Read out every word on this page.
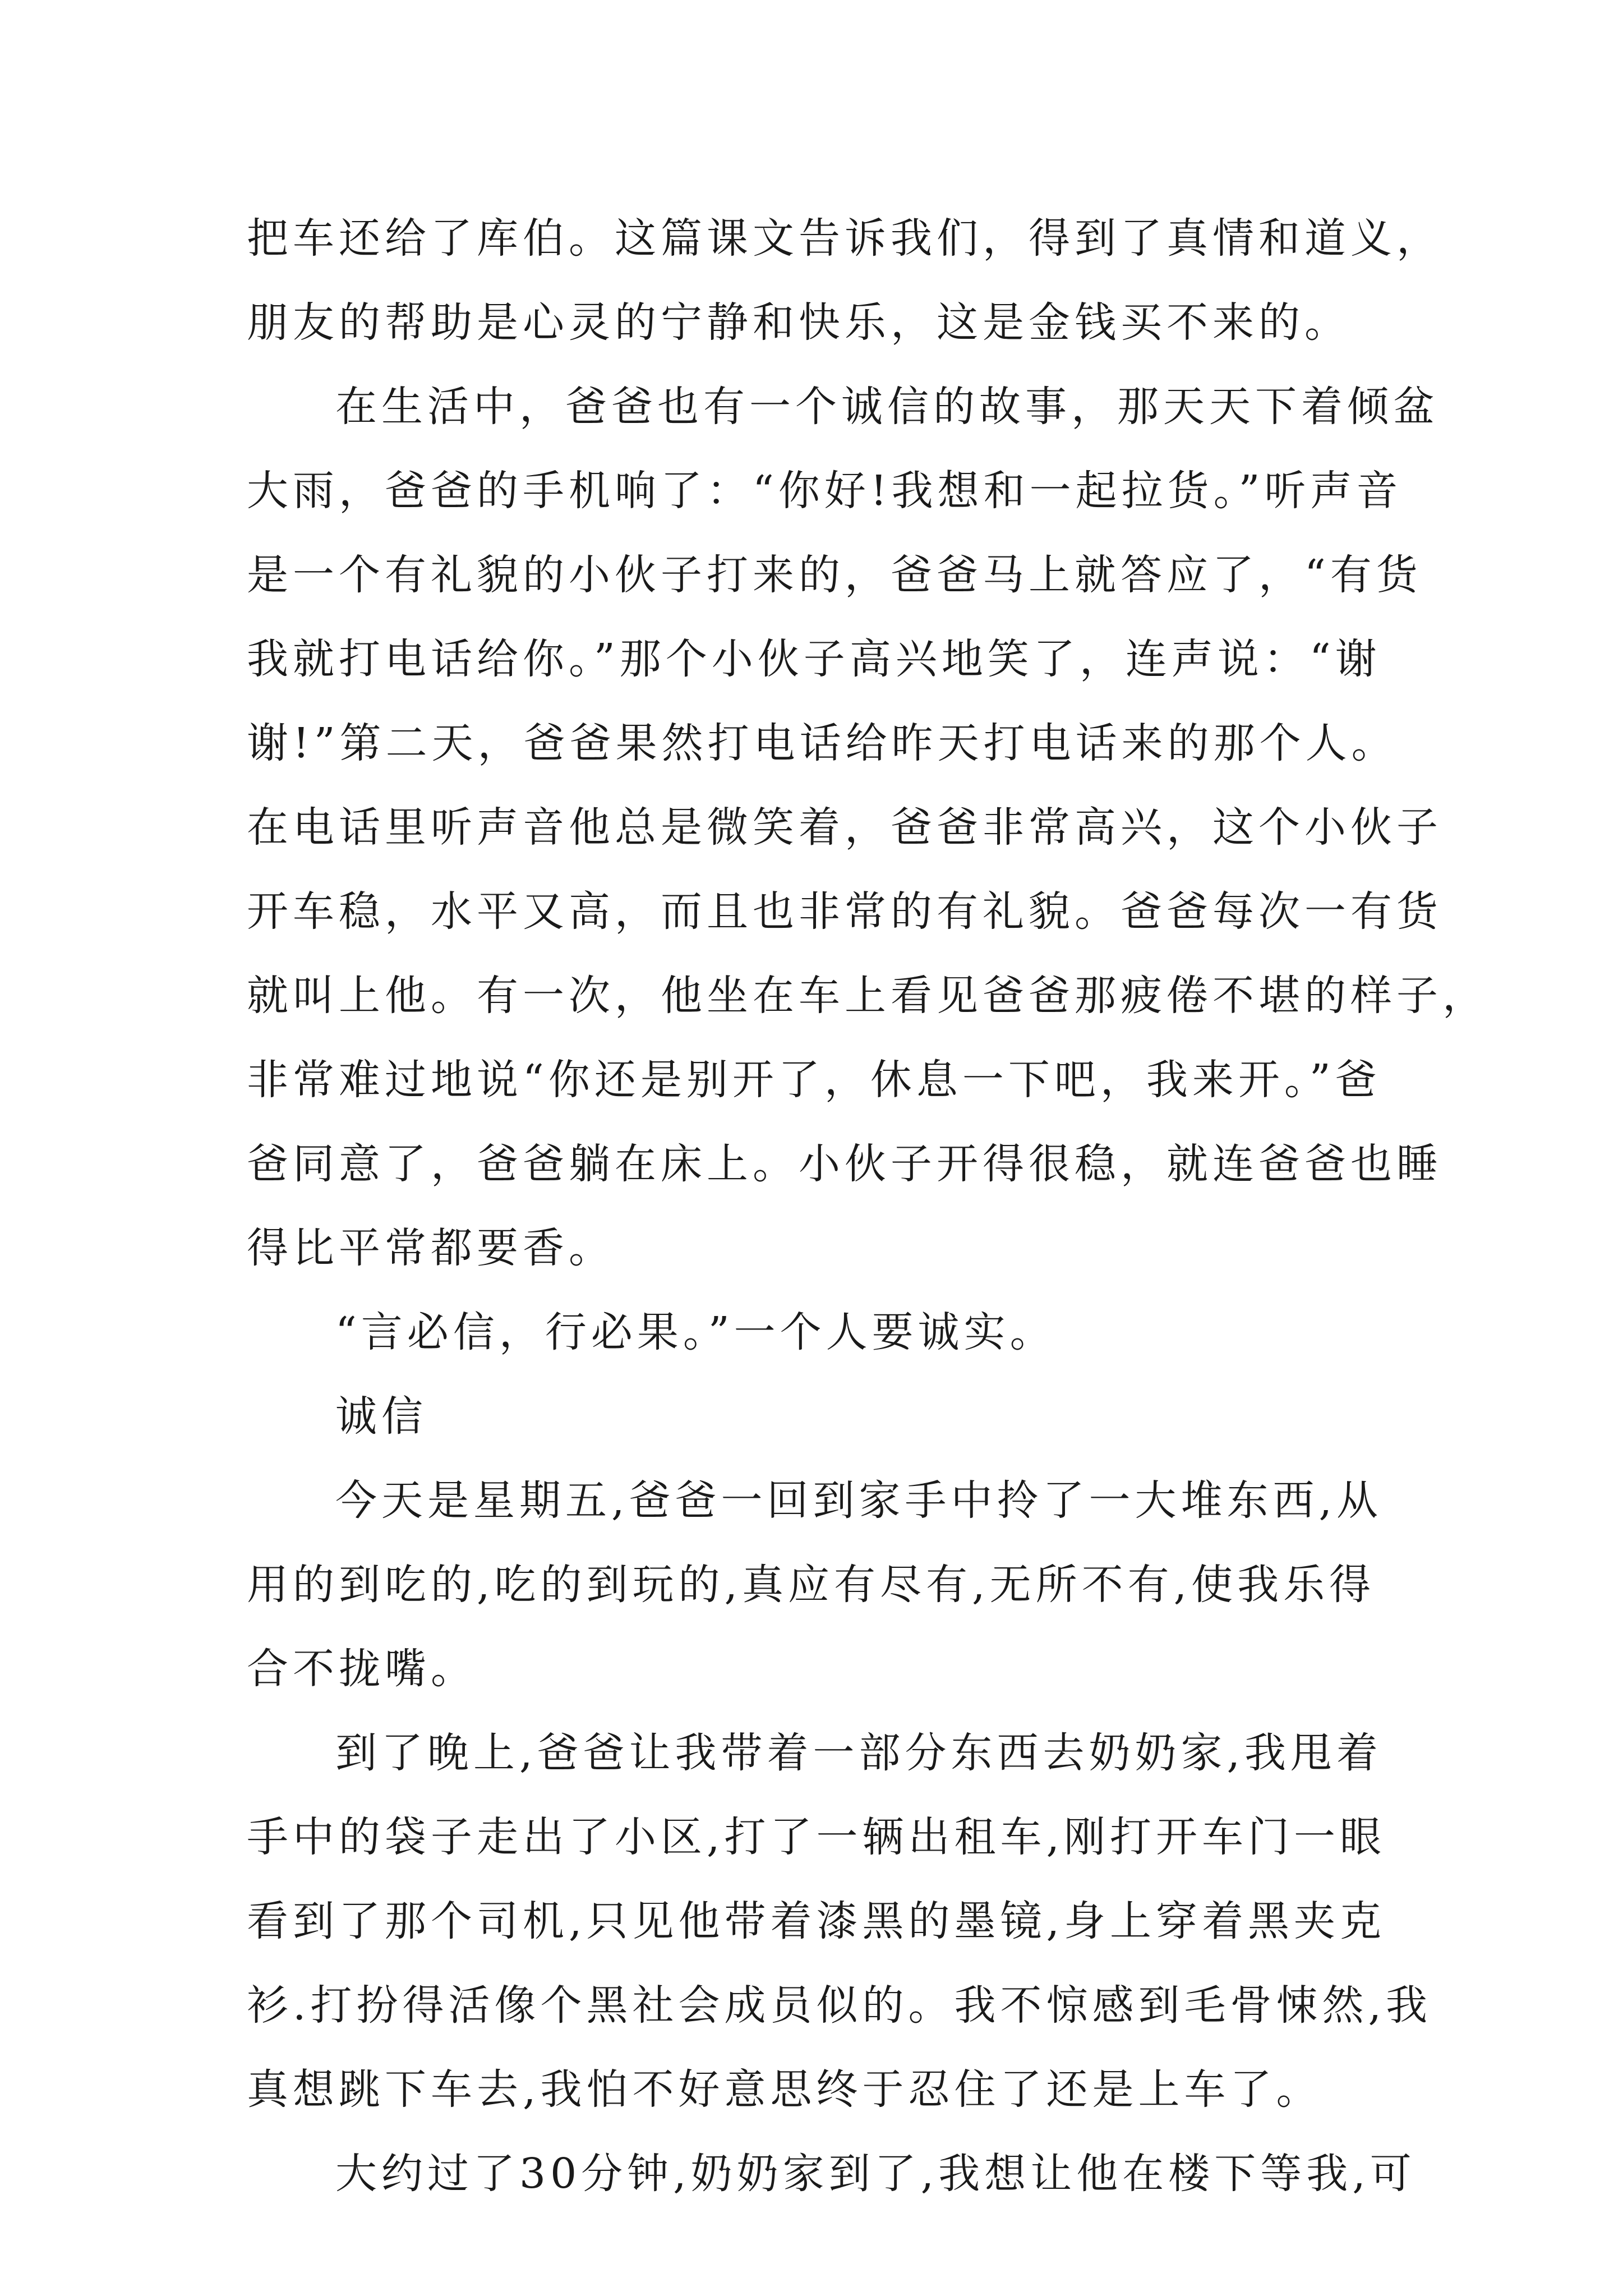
把车还给了库伯。这篇课文告诉我们，得到了真情和道义，
朋友的帮助是心灵的宁静和快乐，这是金钱买不来的。
在生活中，爸爸也有一个诚信的故事，那天天下着倾盆
大雨，爸爸的手机响了：“你好!我想和一起拉货。”听声音
是一个有礼貌的小伙子打来的，爸爸马上就答应了，“有货
我就打电话给你。”那个小伙子高兴地笑了，连声说：“谢
谢!”第二天，爸爸果然打电话给昨天打电话来的那个人。
在电话里听声音他总是微笑着，爸爸非常高兴，这个小伙子
开车稳，水平又高，而且也非常的有礼貌。爸爸每次一有货
就叫上他。有一次，他坐在车上看见爸爸那疲倦不堪的样子，
非常难过地说“你还是别开了，休息一下吧，我来开。”爸
爸同意了，爸爸躺在床上。小伙子开得很稳，就连爸爸也睡
得比平常都要香。
“言必信，行必果。”一个人要诚实。
诚信
今天是星期五,爸爸一回到家手中拎了一大堆东西,从
用的到吃的,吃的到玩的,真应有尽有,无所不有,使我乐得
合不拢嘴。
到了晚上,爸爸让我带着一部分东西去奶奶家,我甩着
手中的袋子走出了小区,打了一辆出租车,刚打开车门一眼
看到了那个司机,只见他带着漆黑的墨镜,身上穿着黑夹克
衫.打扮得活像个黑社会成员似的。我不惊感到毛骨悚然,我
真想跳下车去,我怕不好意思终于忍住了还是上车了。
大约过了30分钟,奶奶家到了,我想让他在楼下等我,可
